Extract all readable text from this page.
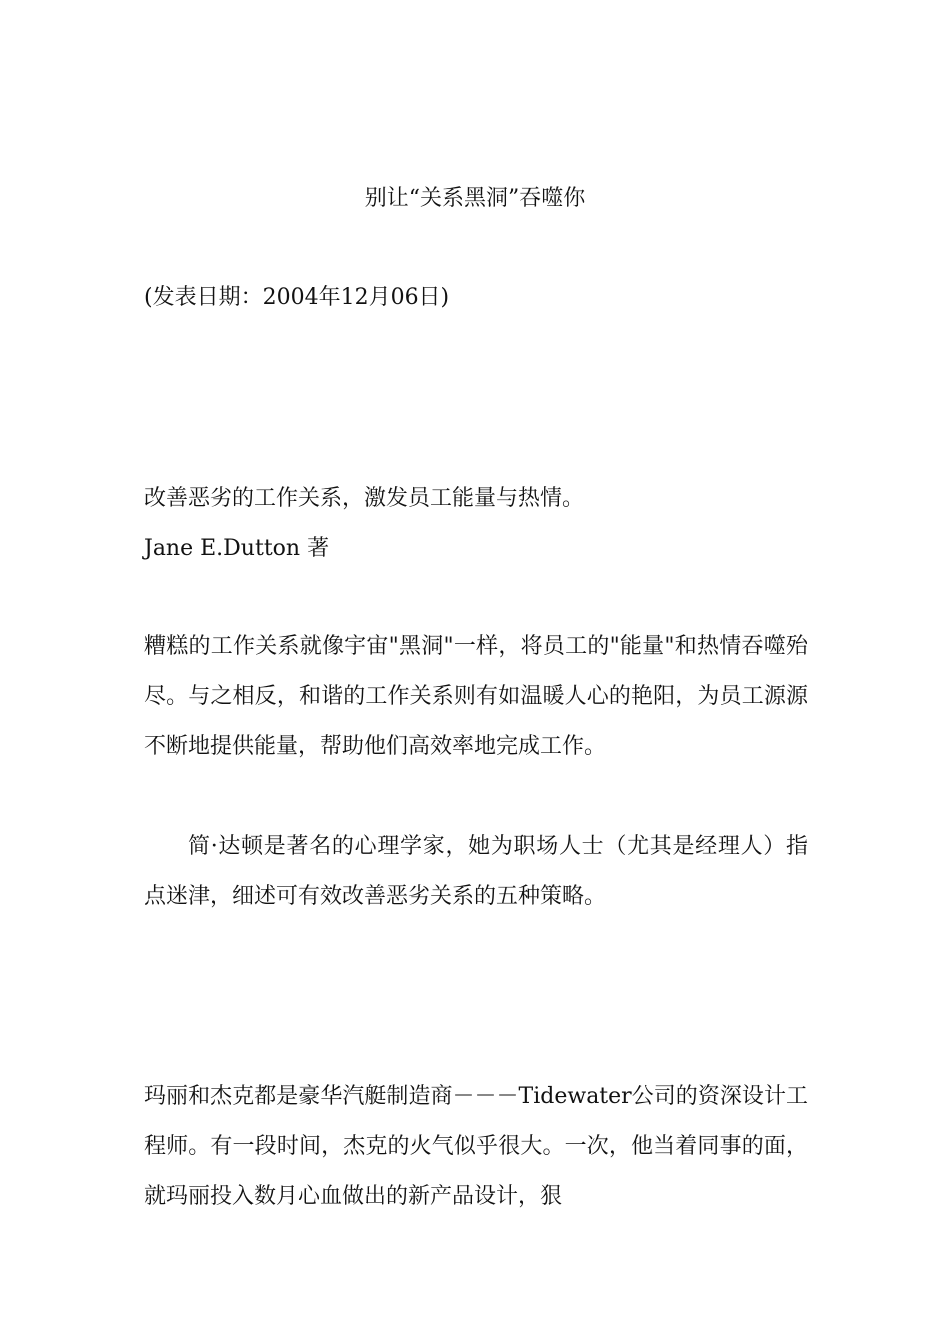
别让“关系黑洞”吞噬你
(发表日期：2004年12月06日)
改善恶劣的工作关系，激发员工能量与热情。
Jane E.Dutton 著

糟糕的工作关系就像宇宙"黑洞"一样，将员工的"能量"和热情吞噬殆尽。与之相反，和谐的工作关系则有如温暖人心的艳阳，为员工源源不断地提供能量，帮助他们高效率地完成工作。

简·达顿是著名的心理学家，她为职场人士（尤其是经理人）指点迷津，细述可有效改善恶劣关系的五种策略。

玛丽和杰克都是豪华汽艇制造商－－－Tidewater公司的资深设计工程师。有一段时间，杰克的火气似乎很大。一次，他当着同事的面，就玛丽投入数月心血做出的新产品设计，狠
